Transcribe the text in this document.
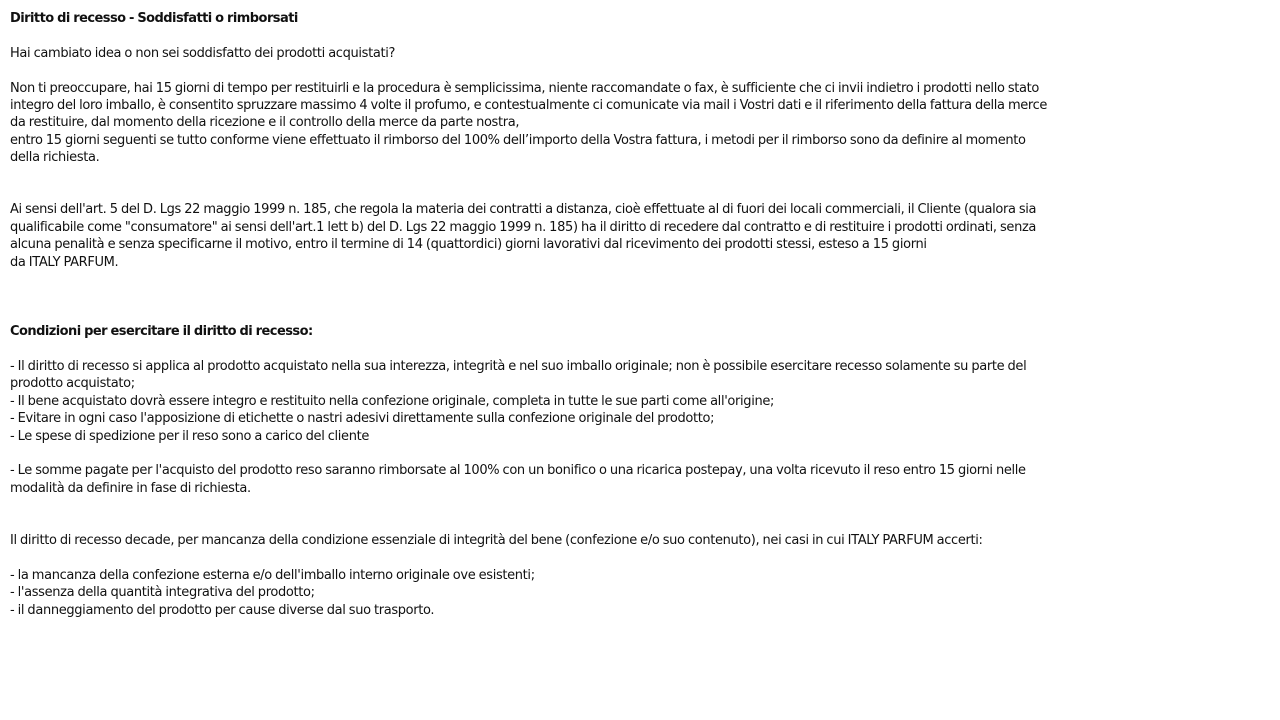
Diritto di recesso - Soddisfatti o rimborsati
Hai cambiato idea o non sei soddisfatto dei prodotti acquistati?
Non ti preoccupare, hai 15 giorni di tempo per restituirli e la procedura è semplicissima, niente raccomandate o fax, è sufficiente che ci invii indietro i prodotti nello stato
integro del loro imballo, è consentito spruzzare massimo 4 volte il profumo, e contestualmente ci comunicate via mail i Vostri dati e il riferimento della fattura della merce
da restituire, dal momento della ricezione e il controllo della merce da parte nostra,
entro 15 giorni seguenti se tutto conforme viene effettuato il rimborso del 100% dell’importo della Vostra fattura, i metodi per il rimborso sono da definire al momento
della richiesta.
Ai sensi dell'art. 5 del D. Lgs 22 maggio 1999 n. 185, che regola la materia dei contratti a distanza, cioè effettuate al di fuori dei locali commerciali, il Cliente (qualora sia
qualificabile come "consumatore" ai sensi dell'art.1 lett b) del D. Lgs 22 maggio 1999 n. 185) ha il diritto di recedere dal contratto e di restituire i prodotti ordinati, senza
alcuna penalità e senza specificarne il motivo, entro il termine di 14 (quattordici) giorni lavorativi dal ricevimento dei prodotti stessi, esteso a 15 giorni
da ITALY PARFUM.
Condizioni per esercitare il diritto di recesso:
- Il diritto di recesso si applica al prodotto acquistato nella sua interezza, integrità e nel suo imballo originale; non è possibile esercitare recesso solamente su parte del
prodotto acquistato;
- Il bene acquistato dovrà essere integro e restituito nella confezione originale, completa in tutte le sue parti come all'origine;
- Evitare in ogni caso l'apposizione di etichette o nastri adesivi direttamente sulla confezione originale del prodotto;
- Le spese di spedizione per il reso sono a carico del cliente
- Le somme pagate per l'acquisto del prodotto reso saranno rimborsate al 100% con un bonifico o una ricarica postepay, una volta ricevuto il reso entro 15 giorni nelle
modalità da definire in fase di richiesta.
Il diritto di recesso decade, per mancanza della condizione essenziale di integrità del bene (confezione e/o suo contenuto), nei casi in cui ITALY PARFUM accerti:
- la mancanza della confezione esterna e/o dell'imballo interno originale ove esistenti;
- l'assenza della quantità integrativa del prodotto;
- il danneggiamento del prodotto per cause diverse dal suo trasporto.
